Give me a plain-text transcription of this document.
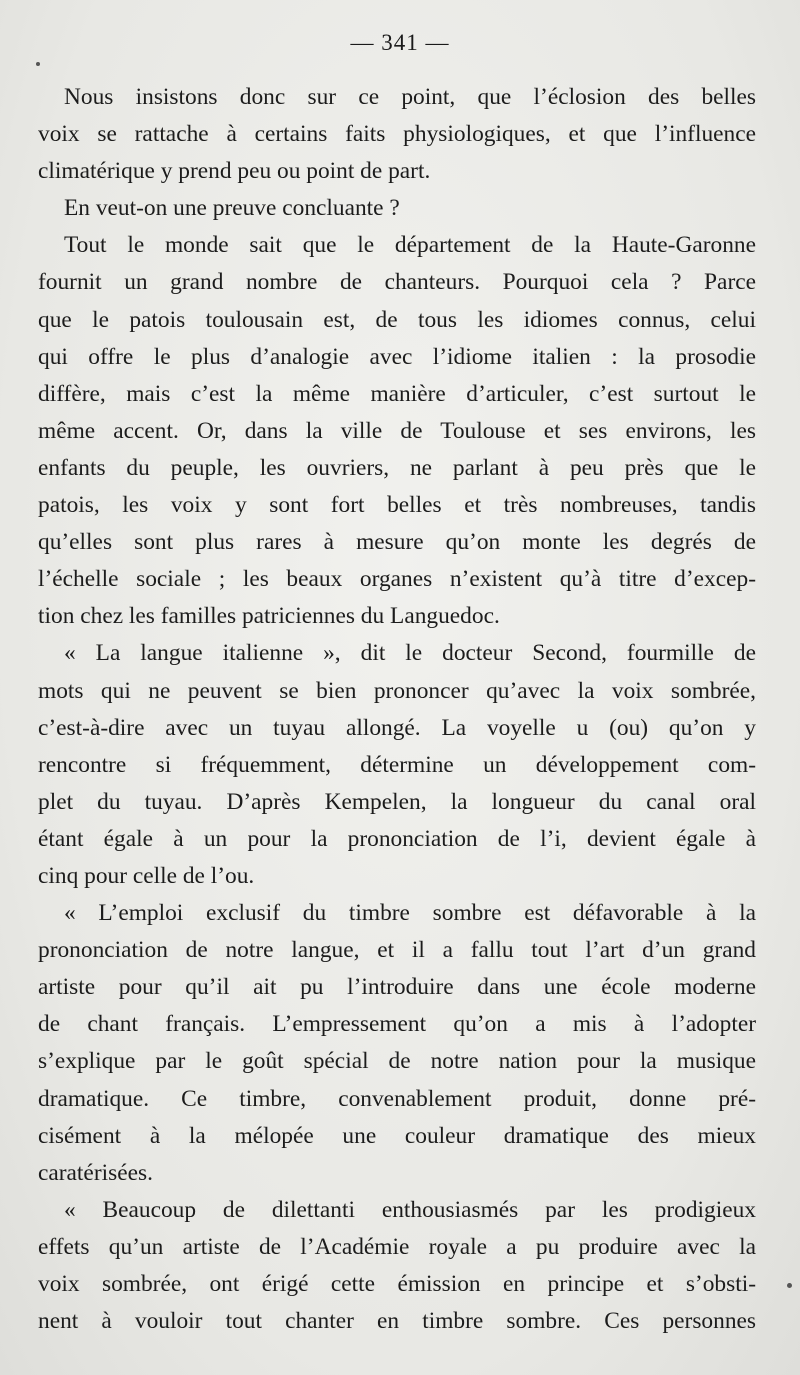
— 341 —
Nous insistons donc sur ce point, que l’éclosion des belles
voix se rattache à certains faits physiologiques, et que l’influence
climatérique y prend peu ou point de part.
En veut-on une preuve concluante ?
Tout le monde sait que le département de la Haute-Garonne
fournit un grand nombre de chanteurs. Pourquoi cela ? Parce
que le patois toulousain est, de tous les idiomes connus, celui
qui offre le plus d’analogie avec l’idiome italien : la prosodie
diffère, mais c’est la même manière d’articuler, c’est surtout le
même accent. Or, dans la ville de Toulouse et ses environs, les
enfants du peuple, les ouvriers, ne parlant à peu près que le
patois, les voix y sont fort belles et très nombreuses, tandis
qu’elles sont plus rares à mesure qu’on monte les degrés de
l’échelle sociale ; les beaux organes n’existent qu’à titre d’excep-
tion chez les familles patriciennes du Languedoc.
« La langue italienne », dit le docteur Second, fourmille de
mots qui ne peuvent se bien prononcer qu’avec la voix sombrée,
c’est-à-dire avec un tuyau allongé. La voyelle u (ou) qu’on y
rencontre si fréquemment, détermine un développement com-
plet du tuyau. D’après Kempelen, la longueur du canal oral
étant égale à un pour la prononciation de l’i, devient égale à
cinq pour celle de l’ou.
« L’emploi exclusif du timbre sombre est défavorable à la
prononciation de notre langue, et il a fallu tout l’art d’un grand
artiste pour qu’il ait pu l’introduire dans une école moderne
de chant français. L’empressement qu’on a mis à l’adopter
s’explique par le goût spécial de notre nation pour la musique
dramatique. Ce timbre, convenablement produit, donne pré-
cisément à la mélopée une couleur dramatique des mieux
caratérisées.
« Beaucoup de dilettanti enthousiasmés par les prodigieux
effets qu’un artiste de l’Académie royale a pu produire avec la
voix sombrée, ont érigé cette émission en principe et s’obsti-
nent à vouloir tout chanter en timbre sombre. Ces personnes
